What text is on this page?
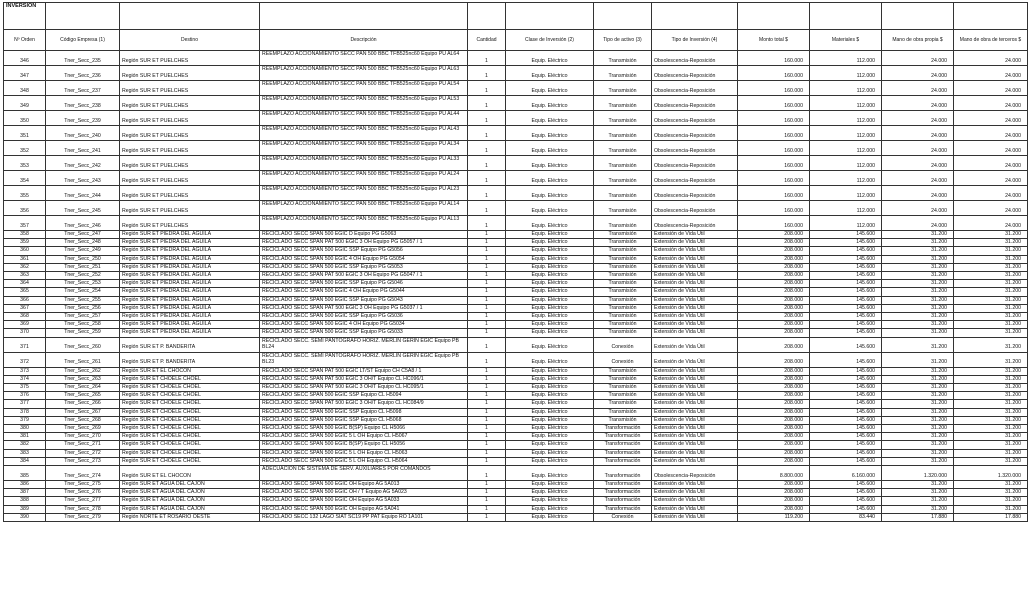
INVERSIÓN											
Nº Orden	Código Empresa (1)	Destino	Descripción	Cantidad	Clase de Inversión (2)	Tipo de activo (3)	Tipo de Inversión (4)	Monto total $	Materiales $	Mano de obra propia $	Mano de obra de terceros $
346	Tner_Secc_235	Región SUR ET PUELCHES	REEMPLAZO ACCIONAMIENTO SECC PAN 500 BBC TFB525nc60 Equipo PU AL64	1	Equip. Eléctrico	Transmisión	Obsolescencia-Reposición	160.000	112.000	24.000	24.000
347	Tner_Secc_236	Región SUR ET PUELCHES	REEMPLAZO ACCIONAMIENTO SECC PAN 500 BBC TFB525nc60 Equipo PU AL63	1	Equip. Eléctrico	Transmisión	Obsolescencia-Reposición	160.000	112.000	24.000	24.000
348	Tner_Secc_237	Región SUR ET PUELCHES	REEMPLAZO ACCIONAMIENTO SECC PAN 500 BBC TFB525nc60 Equipo PU AL54	1	Equip. Eléctrico	Transmisión	Obsolescencia-Reposición	160.000	112.000	24.000	24.000
349	Tner_Secc_238	Región SUR ET PUELCHES	REEMPLAZO ACCIONAMIENTO SECC PAN 500 BBC TFB525nc60 Equipo PU AL53	1	Equip. Eléctrico	Transmisión	Obsolescencia-Reposición	160.000	112.000	24.000	24.000
350	Tner_Secc_239	Región SUR ET PUELCHES	REEMPLAZO ACCIONAMIENTO SECC PAN 500 BBC TFB525nc60 Equipo PU AL44	1	Equip. Eléctrico	Transmisión	Obsolescencia-Reposición	160.000	112.000	24.000	24.000
351	Tner_Secc_240	Región SUR ET PUELCHES	REEMPLAZO ACCIONAMIENTO SECC PAN 500 BBC TFB525nc60 Equipo PU AL43	1	Equip. Eléctrico	Transmisión	Obsolescencia-Reposición	160.000	112.000	24.000	24.000
352	Tner_Secc_241	Región SUR ET PUELCHES	REEMPLAZO ACCIONAMIENTO SECC PAN 500 BBC TFB525nc60 Equipo PU AL34	1	Equip. Eléctrico	Transmisión	Obsolescencia-Reposición	160.000	112.000	24.000	24.000
353	Tner_Secc_242	Región SUR ET PUELCHES	REEMPLAZO ACCIONAMIENTO SECC PAN 500 BBC TFB525nc60 Equipo PU AL33	1	Equip. Eléctrico	Transmisión	Obsolescencia-Reposición	160.000	112.000	24.000	24.000
354	Tner_Secc_243	Región SUR ET PUELCHES	REEMPLAZO ACCIONAMIENTO SECC PAN 500 BBC TFB525nc60 Equipo PU AL24	1	Equip. Eléctrico	Transmisión	Obsolescencia-Reposición	160.000	112.000	24.000	24.000
355	Tner_Secc_244	Región SUR ET PUELCHES	REEMPLAZO ACCIONAMIENTO SECC PAN 500 BBC TFB525nc60 Equipo PU AL23	1	Equip. Eléctrico	Transmisión	Obsolescencia-Reposición	160.000	112.000	24.000	24.000
356	Tner_Secc_245	Región SUR ET PUELCHES	REEMPLAZO ACCIONAMIENTO SECC PAN 500 BBC TFB525nc60 Equipo PU AL14	1	Equip. Eléctrico	Transmisión	Obsolescencia-Reposición	160.000	112.000	24.000	24.000
357	Tner_Secc_246	Región SUR ET PUELCHES	REEMPLAZO ACCIONAMIENTO SECC PAN 500 BBC TFB525nc60 Equipo PU AL13	1	Equip. Eléctrico	Transmisión	Obsolescencia-Reposición	160.000	112.000	24.000	24.000
358	Tner_Secc_247	Región SUR ET PIEDRA DEL ÁGUILA	RECICLADO SECC SPAN 500 EGIC D Equipo PG G5063	1	Equip. Eléctrico	Transmisión	Extensión de Vida Útil	208.000	145.600	31.200	31.200
359	Tner_Secc_248	Región SUR ET PIEDRA DEL ÁGUILA	RECICLADO SECC SPAN PAT 500 EGIC 3 OH Equipo PG G5057 / 1	1	Equip. Eléctrico	Transmisión	Extensión de Vida Útil	208.000	145.600	31.200	31.200
360	Tner_Secc_249	Región SUR ET PIEDRA DEL ÁGUILA	RECICLADO SECC SPAN 500 EGIC SSP Equipo PG G5056	1	Equip. Eléctrico	Transmisión	Extensión de Vida Útil	208.000	145.600	31.200	31.200
361	Tner_Secc_250	Región SUR ET PIEDRA DEL ÁGUILA	RECICLADO SECC SPAN 500 EGIC 4 OH Equipo PG G5054	1	Equip. Eléctrico	Transmisión	Extensión de Vida Útil	208.000	145.600	31.200	31.200
362	Tner_Secc_251	Región SUR ET PIEDRA DEL ÁGUILA	RECICLADO SECC SPAN 500 EGIC SSP Equipo PG G5053	1	Equip. Eléctrico	Transmisión	Extensión de Vida Útil	208.000	145.600	31.200	31.200
363	Tner_Secc_252	Región SUR ET PIEDRA DEL ÁGUILA	RECICLADO SECC SPAN PAT 500 EGIC 3 OH Equipo PG G5047 / 1	1	Equip. Eléctrico	Transmisión	Extensión de Vida Útil	208.000	145.600	31.200	31.200
364	Tner_Secc_253	Región SUR ET PIEDRA DEL ÁGUILA	RECICLADO SECC SPAN 500 EGIC SSP Equipo PG G5046	1	Equip. Eléctrico	Transmisión	Extensión de Vida Útil	208.000	145.600	31.200	31.200
365	Tner_Secc_254	Región SUR ET PIEDRA DEL ÁGUILA	RECICLADO SECC SPAN 500 EGIC 4 OH Equipo PG G5044	1	Equip. Eléctrico	Transmisión	Extensión de Vida Útil	208.000	145.600	31.200	31.200
366	Tner_Secc_255	Región SUR ET PIEDRA DEL ÁGUILA	RECICLADO SECC SPAN 500 EGIC SSP Equipo PG G5043	1	Equip. Eléctrico	Transmisión	Extensión de Vida Útil	208.000	145.600	31.200	31.200
367	Tner_Secc_256	Región SUR ET PIEDRA DEL ÁGUILA	RECICLADO SECC SPAN PAT 500 EGIC 3 OH Equipo PG G5037 / 1	1	Equip. Eléctrico	Transmisión	Extensión de Vida Útil	208.000	145.600	31.200	31.200
368	Tner_Secc_257	Región SUR ET PIEDRA DEL ÁGUILA	RECICLADO SECC SPAN 500 EGIC SSP Equipo PG G5036	1	Equip. Eléctrico	Transmisión	Extensión de Vida Útil	208.000	145.600	31.200	31.200
369	Tner_Secc_258	Región SUR ET PIEDRA DEL ÁGUILA	RECICLADO SECC SPAN 500 EGIC 4 OH Equipo PG G5034	1	Equip. Eléctrico	Transmisión	Extensión de Vida Útil	208.000	145.600	31.200	31.200
370	Tner_Secc_259	Región SUR ET PIEDRA DEL ÁGUILA	RECICLADO SECC SPAN 500 EGIC SSP Equipo PG G5033	1	Equip. Eléctrico	Transmisión	Extensión de Vida Útil	208.000	145.600	31.200	31.200
371	Tner_Secc_260	Región SUR ET P. BANDERITA	RECICLADO SECC. SEMI PANTOGRAFO HORIZ. MERLIN GERIN EGIC Equipo PB BL24	1	Equip. Eléctrico	Conexión	Extensión de Vida Útil	208.000	145.600	31.200	31.200
372	Tner_Secc_261	Región SUR ET P. BANDERITA	RECICLADO SECC. SEMI PANTOGRAFO HORIZ. MERLIN GERIN EGIC Equipo PB BL23	1	Equip. Eléctrico	Conexión	Extensión de Vida Útil	208.000	145.600	31.200	31.200
373	Tner_Secc_262	Región SUR ET EL CHOCON	RECICLADO SECC SPAN PAT 500 EGIC LT/ST Equipo CH C5A8 / 1	1	Equip. Eléctrico	Transmisión	Extensión de Vida Útil	208.000	145.600	31.200	31.200
374	Tner_Secc_263	Región SUR ET CHOELE CHOEL	RECICLADO SECC SPAN PAT 500 EGIC 3 OH/T Equipo CL HC096/1	1	Equip. Eléctrico	Transmisión	Extensión de Vida Útil	208.000	145.600	31.200	31.200
375	Tner_Secc_264	Región SUR ET CHOELE CHOEL	RECICLADO SECC SPAN PAT 500 EGIC 3 OH/T Equipo CL HC095/1	1	Equip. Eléctrico	Transmisión	Extensión de Vida Útil	208.000	145.600	31.200	31.200
376	Tner_Secc_265	Región SUR ET CHOELE CHOEL	RECICLADO SECC SPAN 500 EGIC SSP Equipo CL H5094	1	Equip. Eléctrico	Transmisión	Extensión de Vida Útil	208.000	145.600	31.200	31.200
377	Tner_Secc_266	Región SUR ET CHOELE CHOEL	RECICLADO SECC SPAN PAT 500 EGIC 3 OH/T Equipo CL HC084/9	1	Equip. Eléctrico	Transmisión	Extensión de Vida Útil	208.000	145.600	31.200	31.200
378	Tner_Secc_267	Región SUR ET CHOELE CHOEL	RECICLADO SECC SPAN 500 EGIC SSP Equipo CL H5098	1	Equip. Eléctrico	Transmisión	Extensión de Vida Útil	208.000	145.600	31.200	31.200
379	Tner_Secc_268	Región SUR ET CHOELE CHOEL	RECICLADO SECC SPAN 500 EGIC SSP Equipo CL H5068	1	Equip. Eléctrico	Transmisión	Extensión de Vida Útil	208.000	145.600	31.200	31.200
380	Tner_Secc_269	Región SUR ET CHOELE CHOEL	RECICLADO SECC SPAN 500 EGIC B(SP) Equipo CL H5066	1	Equip. Eléctrico	Transformación	Extensión de Vida Útil	208.000	145.600	31.200	31.200
381	Tner_Secc_270	Región SUR ET CHOELE CHOEL	RECICLADO SECC SPAN 500 EGIC 5 L OH Equipo CL H5067	1	Equip. Eléctrico	Transformación	Extensión de Vida Útil	208.000	145.600	31.200	31.200
382	Tner_Secc_271	Región SUR ET CHOELE CHOEL	RECICLADO SECC SPAN 500 EGIC B(SP) Equipo CL H5056	1	Equip. Eléctrico	Transformación	Extensión de Vida Útil	208.000	145.600	31.200	31.200
383	Tner_Secc_272	Región SUR ET CHOELE CHOEL	RECICLADO SECC SPAN 500 EGIC 5 L OH Equipo CL H5063	1	Equip. Eléctrico	Transformación	Extensión de Vida Útil	208.000	145.600	31.200	31.200
384	Tner_Secc_273	Región SUR ET CHOELE CHOEL	RECICLADO SECC SPAN 500 EGIC 5 L OH Equipo CL H5064	1	Equip. Eléctrico	Transformación	Extensión de Vida Útil	208.000	145.600	31.200	31.200
385	Tner_Secc_274	Región SUR ET EL CHOCON	ADECUACIÓN DE SISTEMA DE SERV. AUXILIARES POR COMANDOS	1	Equip. Eléctrico	Transformación	Obsolescencia-Reposición	8.800.000	6.160.000	1.320.000	1.320.000
386	Tner_Secc_275	Región SUR ET AGUA DEL CAJON	RECICLADO SECC SPAN 500 EGIC OH Equipo AG 5A013	1	Equip. Eléctrico	Transformación	Extensión de Vida Útil	208.000	145.600	31.200	31.200
387	Tner_Secc_276	Región SUR ET AGUA DEL CAJON	RECICLADO SECC SPAN 500 EGIC OH / T Equipo AG 5A023	1	Equip. Eléctrico	Transformación	Extensión de Vida Útil	208.000	145.600	31.200	31.200
388	Tner_Secc_277	Región SUR ET AGUA DEL CAJON	RECICLADO SECC SPAN 500 EGIC OH Equipo AG 5A033	1	Equip. Eléctrico	Transformación	Extensión de Vida Útil	208.000	145.600	31.200	31.200
389	Tner_Secc_278	Región SUR ET AGUA DEL CAJON	RECICLADO SECC SPAN 500 EGIC OH Equipo AG 5A041	1	Equip. Eléctrico	Transformación	Extensión de Vida Útil	208.000	145.600	31.200	31.200
390	Tner_Secc_279	Región NORTE ET ROSARIO OESTE	RECICLADO SECC 132 LAGO SIAT SC19 PP PAT Equipo RO 1A101	1	Equip. Eléctrico	Conexión	Extensión de Vida Útil	119.200	83.440	17.880	17.880
